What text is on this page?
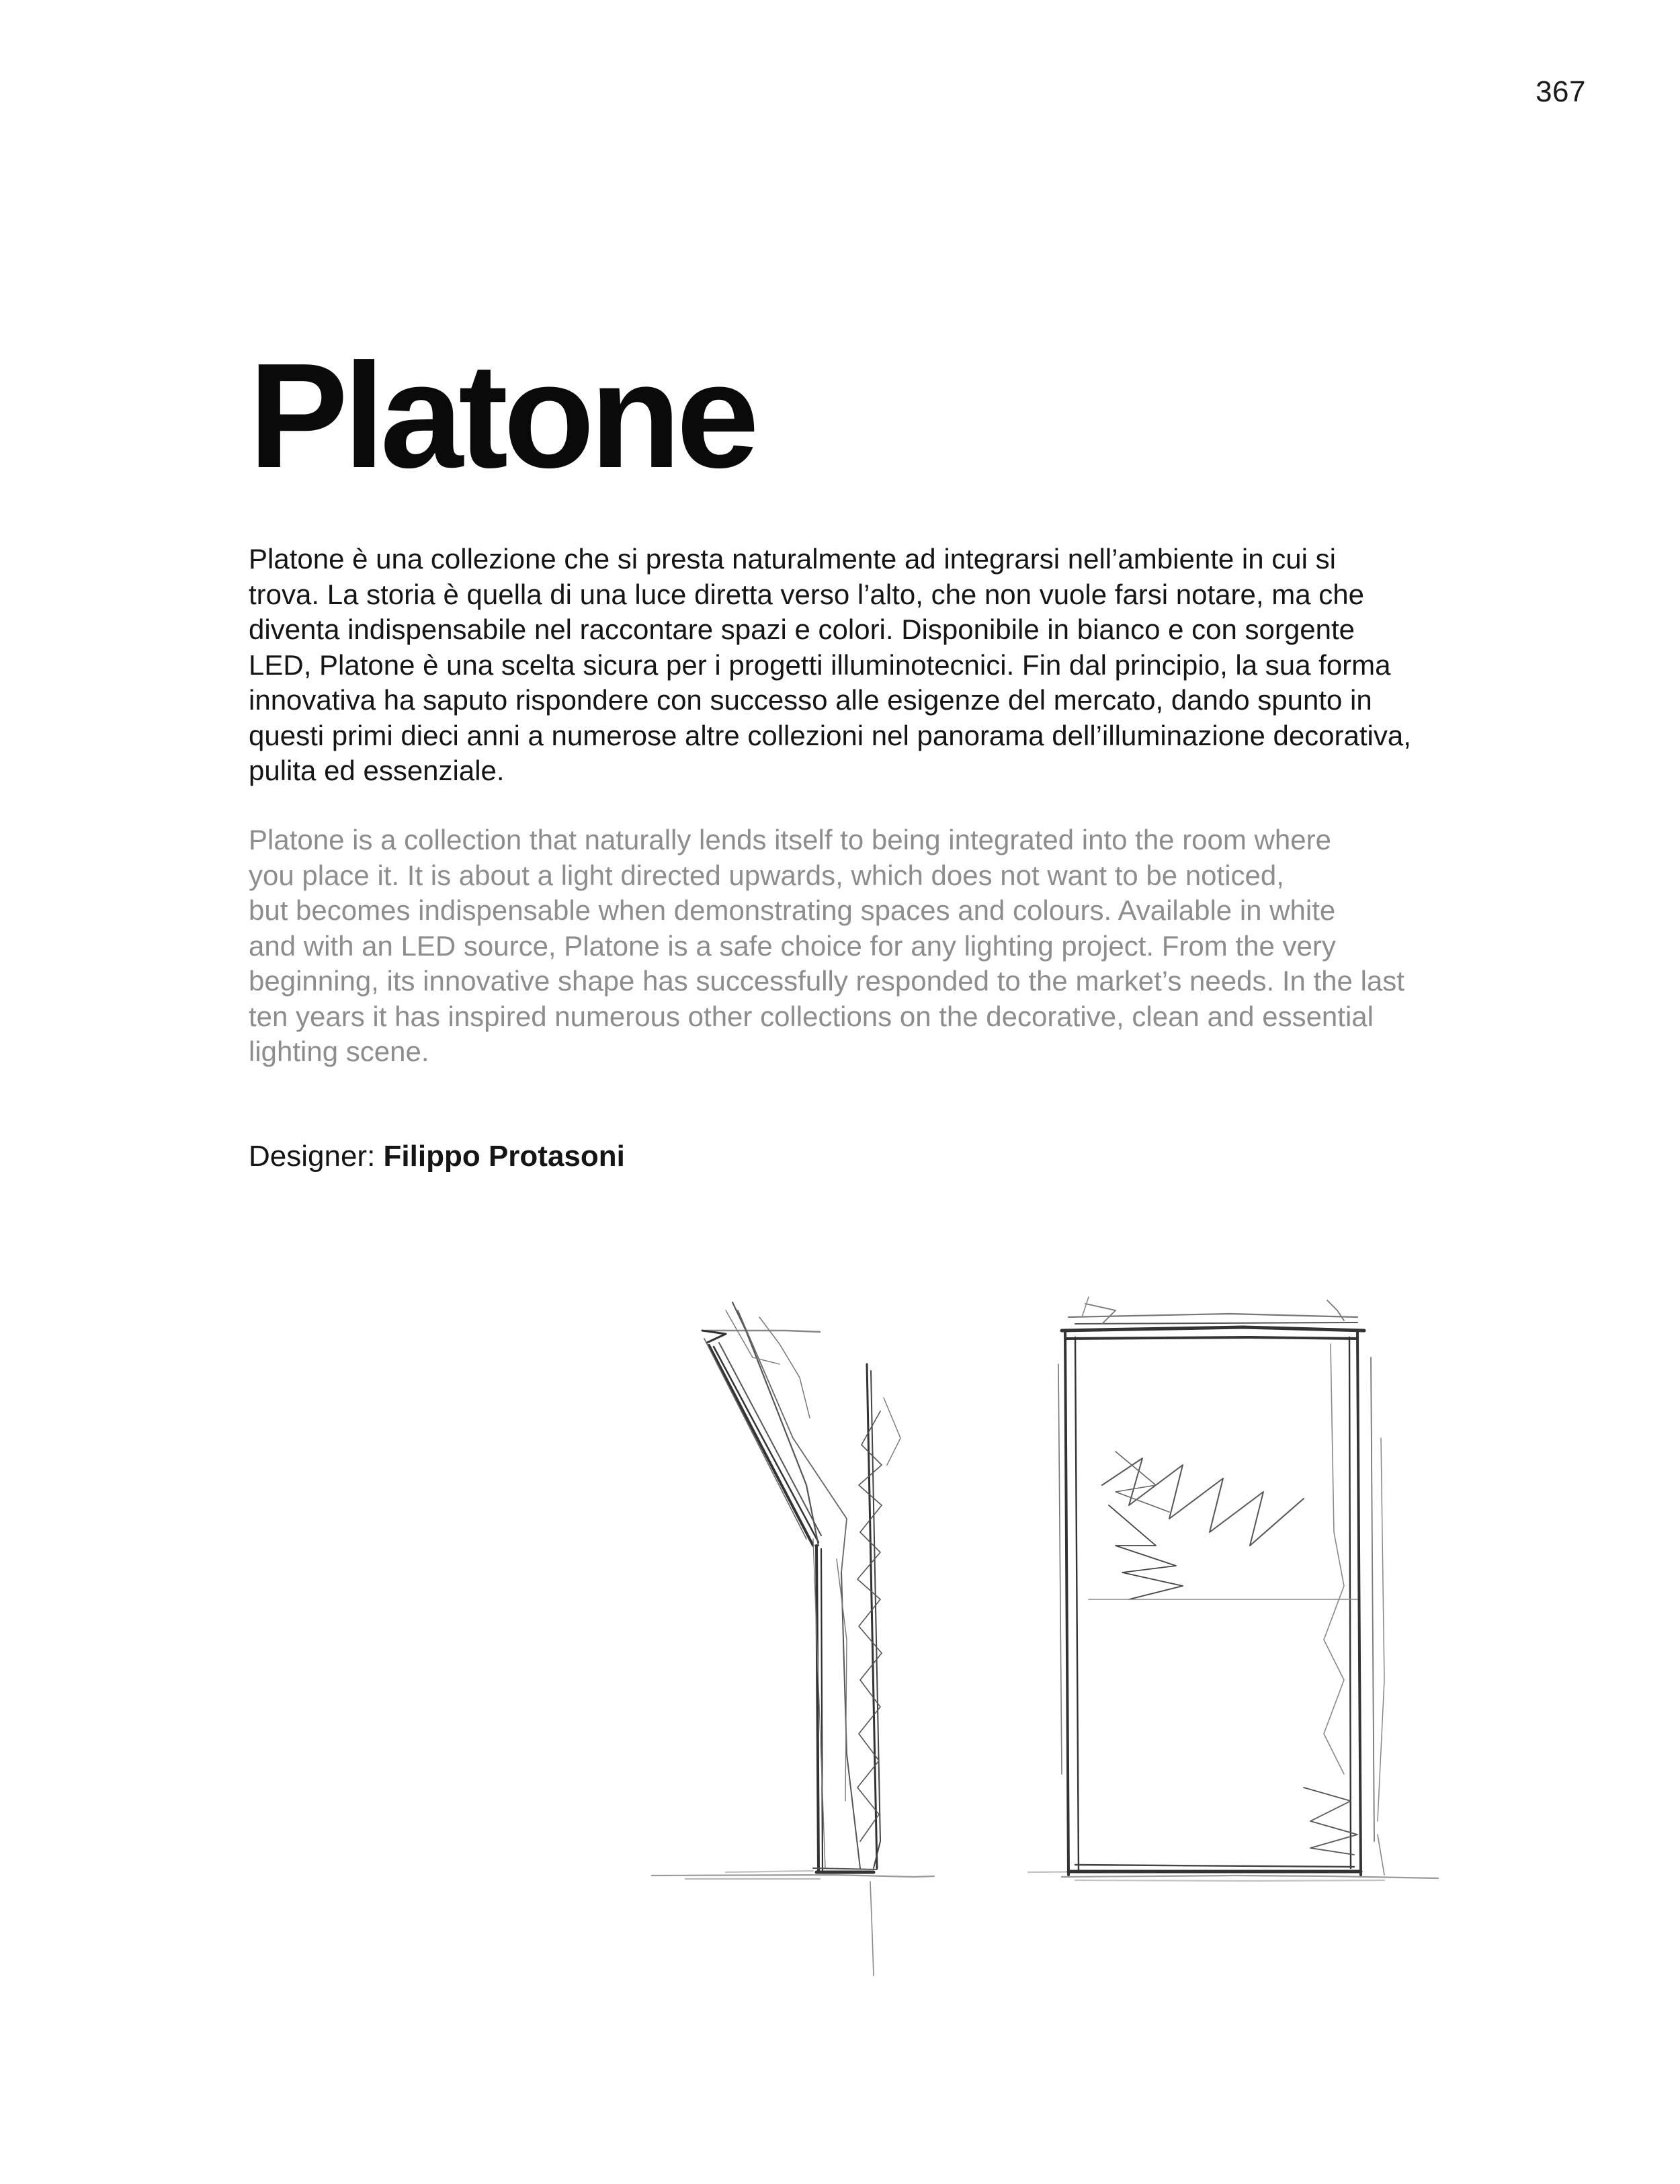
367
Platone

Platone è una collezione che si presta naturalmente ad integrarsi nell’ambiente in cui si
trova. La storia è quella di una luce diretta verso l’alto, che non vuole farsi notare, ma che
diventa indispensabile nel raccontare spazi e colori. Disponibile in bianco e con sorgente
LED, Platone è una scelta sicura per i progetti illuminotecnici. Fin dal principio, la sua forma
innovativa ha saputo rispondere con successo alle esigenze del mercato, dando spunto in
questi primi dieci anni a numerose altre collezioni nel panorama dell’illuminazione decorativa,
pulita ed essenziale.

Platone is a collection that naturally lends itself to being integrated into the room where
you place it. It is about a light directed upwards, which does not want to be noticed,
but becomes indispensable when demonstrating spaces and colours. Available in white
and with an LED source, Platone is a safe choice for any lighting project. From the very
beginning, its innovative shape has successfully responded to the market’s needs. In the last
ten years it has inspired numerous other collections on the decorative, clean and essential
lighting scene.

Designer: Filippo Protasoni
